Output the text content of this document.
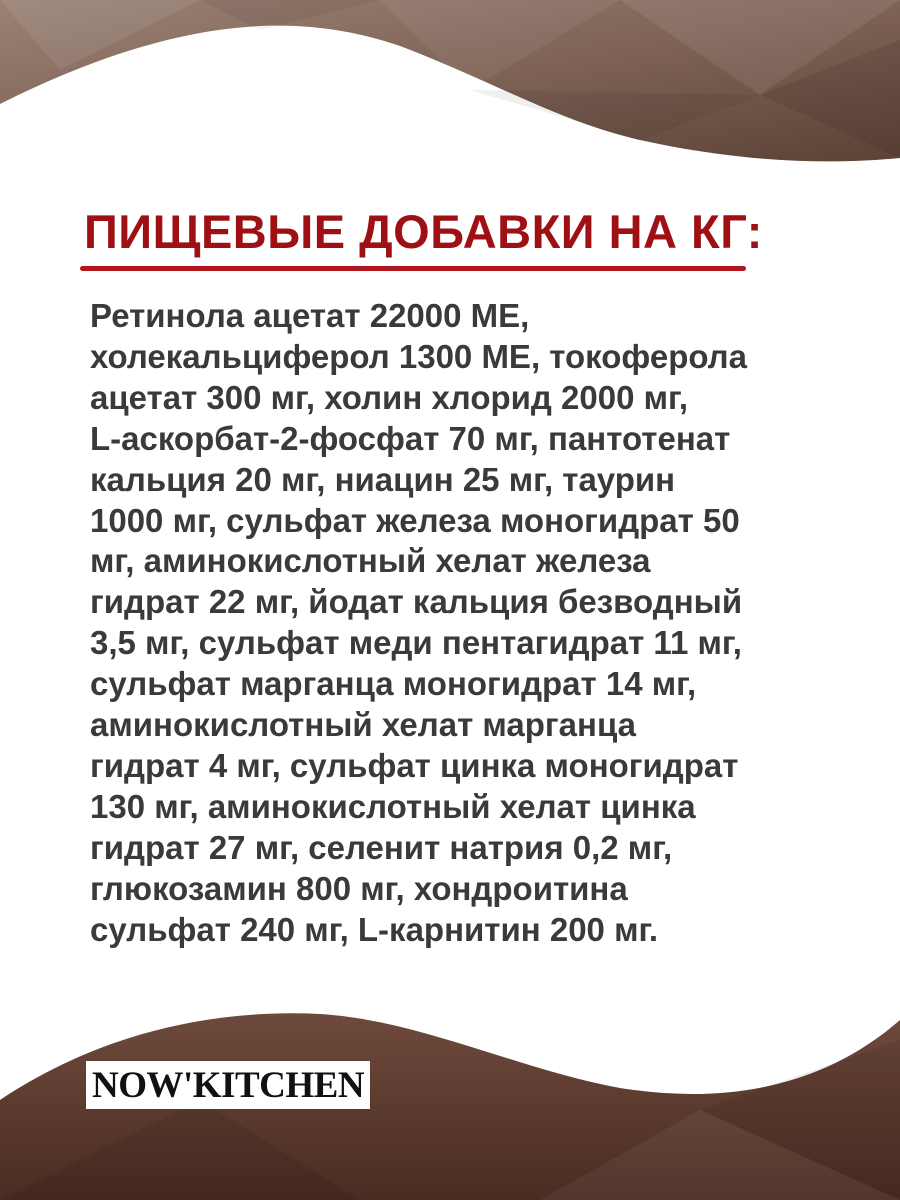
ПИЩЕВЫЕ ДОБАВКИ НА КГ:

Ретинола ацетат 22000 МЕ,
холекальциферол 1300 МЕ, токоферола
ацетат 300 мг, холин хлорид 2000 мг,
L-аскорбат-2-фосфат 70 мг, пантотенат
кальция 20 мг, ниацин 25 мг, таурин
1000 мг, сульфат железа моногидрат 50
мг, аминокислотный хелат железа
гидрат 22 мг, йодат кальция безводный
3,5 мг, сульфат меди пентагидрат 11 мг,
сульфат марганца моногидрат 14 мг,
аминокислотный хелат марганца
гидрат 4 мг, сульфат цинка моногидрат
130 мг, аминокислотный хелат цинка
гидрат 27 мг, селенит натрия 0,2 мг,
глюкозамин 800 мг, хондроитина
сульфат 240 мг, L-карнитин 200 мг.

NOW'KITCHEN
